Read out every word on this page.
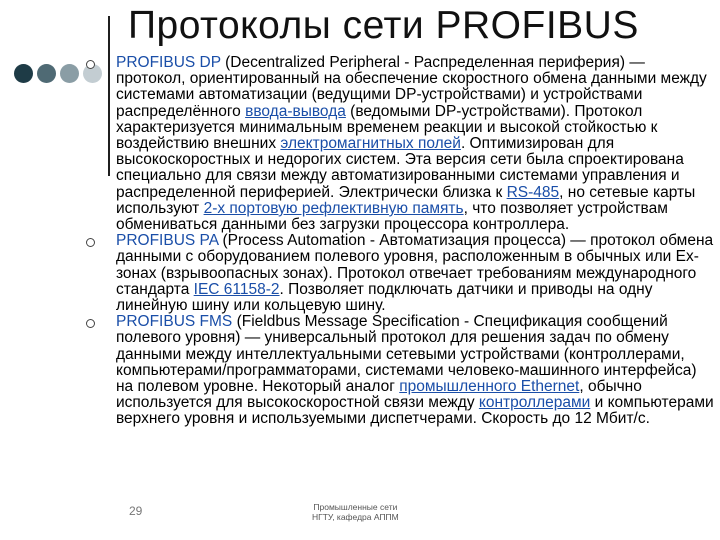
Протоколы сети PROFIBUS
PROFIBUS DP (Decentralized Peripheral - Распределенная периферия) — протокол, ориентированный на обеспечение скоростного обмена данными между системами автоматизации (ведущими DP-устройствами) и устройствами распределённого ввода-вывода (ведомыми DP-устройствами). Протокол характеризуется минимальным временем реакции и высокой стойкостью к воздействию внешних электромагнитных полей. Оптимизирован для высокоскоростных и недорогих систем. Эта версия сети была спроектирована специально для связи между автоматизированными системами управления и распределенной периферией. Электрически близка к RS-485, но сетевые карты используют 2-х портовую рефлективную память, что позволяет устройствам обмениваться данными без загрузки процессора контроллера.
PROFIBUS PA (Process Automation - Автоматизация процесса) — протокол обмена данными с оборудованием полевого уровня, расположенным в обычных или Ex-зонах (взрывоопасных зонах). Протокол отвечает требованиям международного стандарта IEC 61158-2. Позволяет подключать датчики и приводы на одну линейную шину или кольцевую шину.
PROFIBUS FMS (Fieldbus Message Specification - Спецификация сообщений полевого уровня) — универсальный протокол для решения задач по обмену данными между интеллектуальными сетевыми устройствами (контроллерами, компьютерами/программаторами, системами человеко-машинного интерфейса) на полевом уровне. Некоторый аналог промышленного Ethernet, обычно используется для высокоскоростной связи между контроллерами и компьютерами верхнего уровня и используемыми диспетчерами. Скорость до 12 Мбит/с.
29	Промышленные сети
НГТУ, кафедра АППМ
